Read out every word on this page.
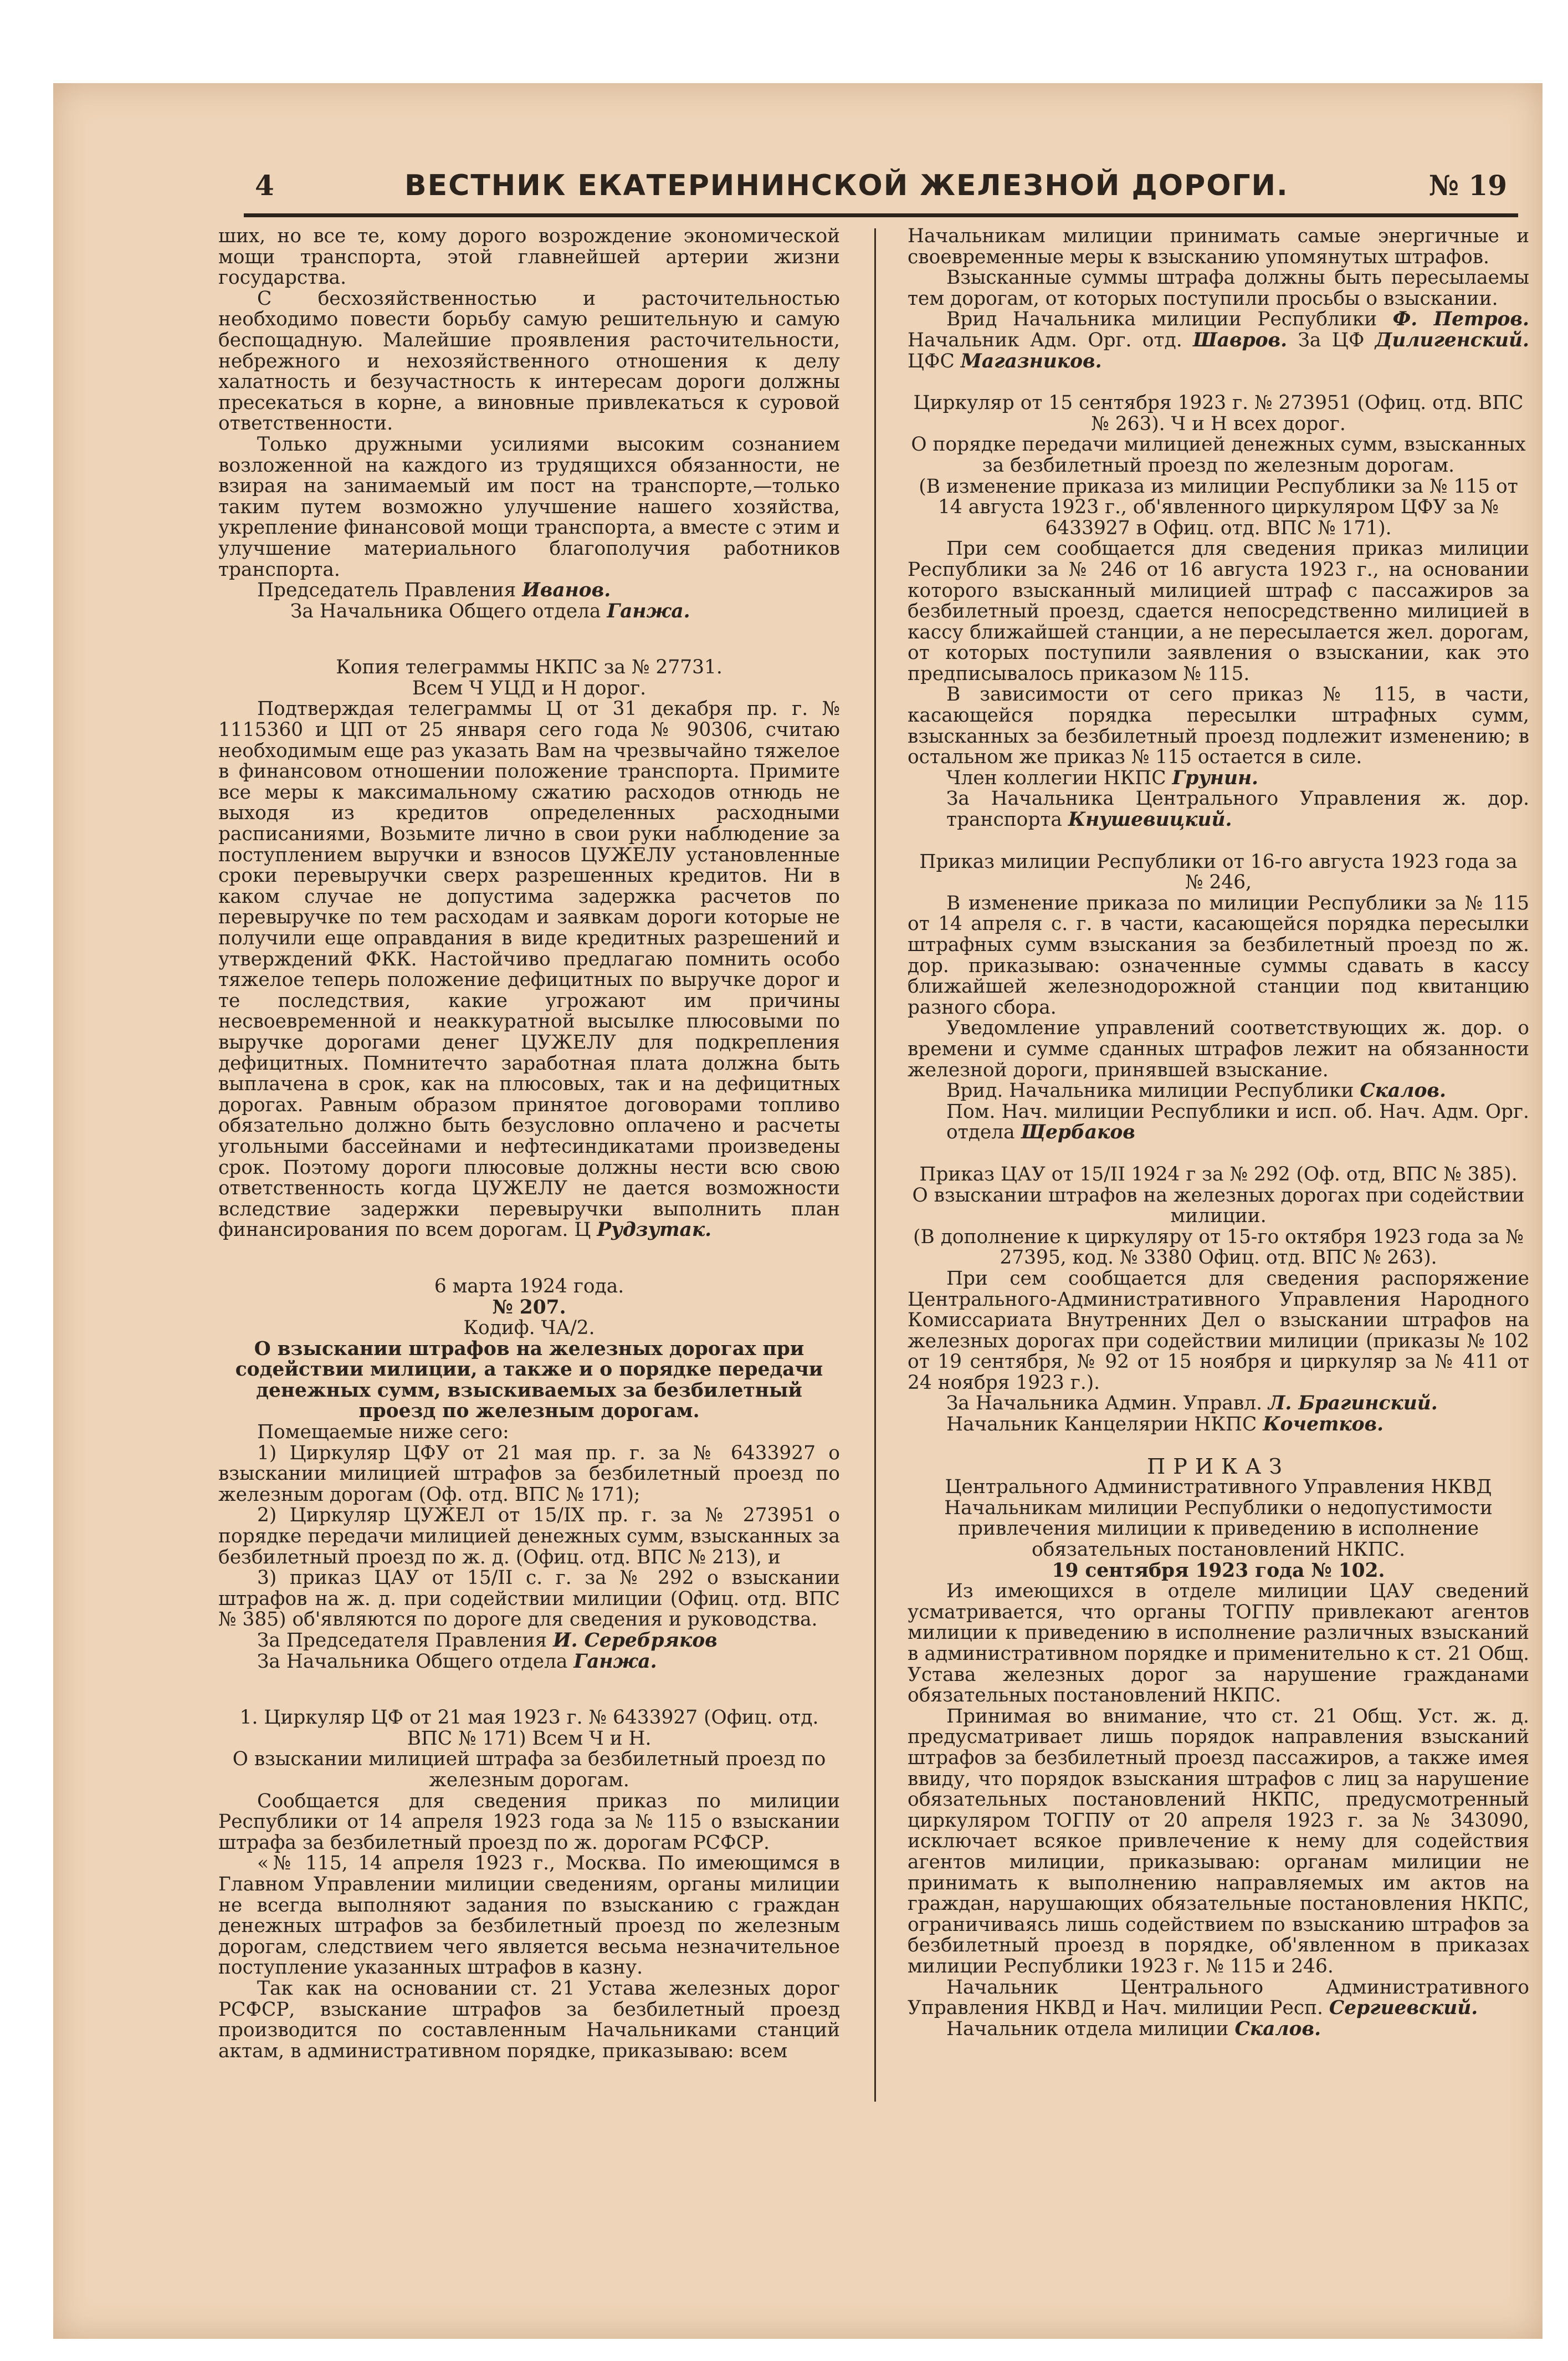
4	ВЕСТНИК ЕКАТЕРИНИНСКОЙ ЖЕЛЕЗНОЙ ДОРОГИ.	№ 19

ших, но все те, кому дорого возрождение экономической мощи транспорта, этой главнейшей артерии жизни государства.

С бесхозяйственностью и расточительностью необходимо повести борьбу самую решительную и самую беспощадную. Малейшие проявления расточительности, небрежного и нехозяйственного отношения к делу халатность и безучастность к интересам дороги должны пресекаться в корне, а виновные привлекаться к суровой ответственности.

Только дружными усилиями высоким сознанием возложенной на каждого из трудящихся обязанности, не взирая на занимаемый им пост на транспорте,—только таким путем возможно улучшение нашего хозяйства, укрепление финансовой мощи транспорта, а вместе с этим и улучшение материального благополучия работников транспорта.

Председатель Правления Иванов.

За Начальника Общего отдела Ганжа.

Копия телеграммы НКПС за № 27731.

Всем Ч УЦД и Н дорог.

Подтверждая телеграммы Ц от 31 декабря пр. г. № 1115360 и ЦП от 25 января сего года № 90306, считаю необходимым еще раз указать Вам на чрезвычайно тяжелое в финансовом отношении положение транспорта. Примите все меры к максимальному сжатию расходов отнюдь не выходя из кредитов определенных расходными расписаниями, Возьмите лично в свои руки наблюдение за поступлением выручки и взносов ЦУЖЕЛУ установленные сроки перевыручки сверх разрешенных кредитов. Ни в каком случае не допустима задержка расчетов по перевыручке по тем расходам и заявкам дороги которые не получили еще оправдания в виде кредитных разрешений и утверждений ФКК. Настойчиво предлагаю помнить особо тяжелое теперь положение дефицитных по выручке дорог и те последствия, какие угрожают им причины несвоевременной и неаккуратной высылке плюсовыми по выручке дорогами денег ЦУЖЕЛУ для подкрепления дефицитных. Помнитечто заработная плата должна быть выплачена в срок, как на плюсовых, так и на дефицитных дорогах. Равным образом принятое договорами топливо обязательно должно быть безусловно оплачено и расчеты угольными бассейнами и нефтесиндикатами произведены срок. Поэтому дороги плюсовые должны нести всю свою ответственность когда ЦУЖЕЛУ не дается возможности вследствие задержки перевыручки выполнить план финансирования по всем дорогам. Ц Рудзутак.

6 марта 1924 года.

№ 207.

Кодиф. ЧА/2.

О взыскании штрафов на железных дорогах при содействии милиции, а также и о порядке передачи денежных сумм, взыскиваемых за безбилетный проезд по железным дорогам.

Помещаемые ниже сего:

1) Циркуляр ЦФУ от 21 мая пр. г. за № 6433927 о взыскании милицией штрафов за безбилетный проезд по железным дорогам (Оф. отд. ВПС № 171);

2) Циркуляр ЦУЖЕЛ от 15/IX пр. г. за № 273951 о порядке передачи милицией денежных сумм, взысканных за безбилетный проезд по ж. д. (Офиц. отд. ВПС № 213), и

3) приказ ЦАУ от 15/II с. г. за № 292 о взыскании штрафов на ж. д. при содействии милиции (Офиц. отд. ВПС № 385) об'являются по дороге для сведения и руководства.

За Председателя Правления И. Серебряков

За Начальника Общего отдела Ганжа.

1. Циркуляр ЦФ от 21 мая 1923 г. № 6433927 (Офиц. отд. ВПС № 171) Всем Ч и Н.

О взыскании милицией штрафа за безбилетный проезд по железным дорогам.

Сообщается для сведения приказ по милиции Республики от 14 апреля 1923 года за № 115 о взыскании штрафа за безбилетный проезд по ж. дорогам РСФСР.

«№ 115, 14 апреля 1923 г., Москва. По имеющимся в Главном Управлении милиции сведениям, органы милиции не всегда выполняют задания по взысканию с граждан денежных штрафов за безбилетный проезд по железным дорогам, следствием чего является весьма незначительное поступление указанных штрафов в казну.

Так как на основании ст. 21 Устава железных дорог РСФСР, взыскание штрафов за безбилетный проезд производится по составленным Начальниками станций актам, в административном порядке, приказываю: всем

Начальникам милиции принимать самые энергичные и своевременные меры к взысканию упомянутых штрафов.

Взысканные суммы штрафа должны быть пересылаемы тем дорогам, от которых поступили просьбы о взыскании.

Врид Начальника милиции Республики Ф. Петров. Начальник Адм. Орг. отд. Шавров. За ЦФ Дилигенский. ЦФС Магазников.

Циркуляр от 15 сентября 1923 г. № 273951 (Офиц. отд. ВПС № 263). Ч и Н всех дорог.

О порядке передачи милицией денежных сумм, взысканных за безбилетный проезд по железным дорогам.

(В изменение приказа из милиции Республики за № 115 от 14 августа 1923 г., об'явленного циркуляром ЦФУ за № 6433927 в Офиц. отд. ВПС № 171).

При сем сообщается для сведения приказ милиции Республики за № 246 от 16 августа 1923 г., на основании которого взысканный милицией штраф с пассажиров за безбилетный проезд, сдается непосредственно милицией в кассу ближайшей станции, а не пересылается жел. дорогам, от которых поступили заявления о взыскании, как это предписывалось приказом № 115.

В зависимости от сего приказ № 115, в части, касающейся порядка пересылки штрафных сумм, взысканных за безбилетный проезд подлежит изменению; в остальном же приказ № 115 остается в силе.

Член коллегии НКПС Грунин.

За Начальника Центрального Управления ж. дор. транспорта Кнушевицкий.

Приказ милиции Республики от 16-го августа 1923 года за № 246,

В изменение приказа по милиции Республики за № 115 от 14 апреля с. г. в части, касающейся порядка пересылки штрафных сумм взыскания за безбилетный проезд по ж. дор. приказываю: означенные суммы сдавать в кассу ближайшей железнодорожной станции под квитанцию разного сбора.

Уведомление управлений соответствующих ж. дор. о времени и сумме сданных штрафов лежит на обязанности железной дороги, принявшей взыскание.

Врид. Начальника милиции Республики Скалов.

Пом. Нач. милиции Республики и исп. об. Нач. Адм. Орг. отдела Щербаков

Приказ ЦАУ от 15/II 1924 г за № 292 (Оф. отд, ВПС № 385).

О взыскании штрафов на железных дорогах при содействии милиции.

(В дополнение к циркуляру от 15-го октября 1923 года за № 27395, код. № 3380 Офиц. отд. ВПС № 263).

При сем сообщается для сведения распоряжение Центрального-Административного Управления Народного Комиссариата Внутренних Дел о взыскании штрафов на железных дорогах при содействии милиции (приказы № 102 от 19 сентября, № 92 от 15 ноября и циркуляр за № 411 от 24 ноября 1923 г.).

За Начальника Админ. Управл. Л. Брагинский.

Начальник Канцелярии НКПС Кочетков.

ПРИКАЗ

Центрального Административного Управления НКВД Начальникам милиции Республики о недопустимости привлечения милиции к приведению в исполнение обязательных постановлений НКПС.

19 сентября 1923 года № 102.

Из имеющихся в отделе милиции ЦАУ сведений усматривается, что органы ТОГПУ привлекают агентов милиции к приведению в исполнение различных взысканий в административном порядке и применительно к ст. 21 Общ. Устава железных дорог за нарушение гражданами обязательных постановлений НКПС.

Принимая во внимание, что ст. 21 Общ. Уст. ж. д. предусматривает лишь порядок направления взысканий штрафов за безбилетный проезд пассажиров, а также имея ввиду, что порядок взыскания штрафов с лиц за нарушение обязательных постановлений НКПС, предусмотренный циркуляром ТОГПУ от 20 апреля 1923 г. за № 343090, исключает всякое привлечение к нему для содействия агентов милиции, приказываю: органам милиции не принимать к выполнению направляемых им актов на граждан, нарушающих обязательные постановления НКПС, ограничиваясь лишь содействием по взысканию штрафов за безбилетный проезд в порядке, об'явленном в приказах милиции Республики 1923 г. № 115 и 246.

Начальник Центрального Административного Управления НКВД и Нач. милиции Респ. Сергиевский.

Начальник отдела милиции Скалов.
